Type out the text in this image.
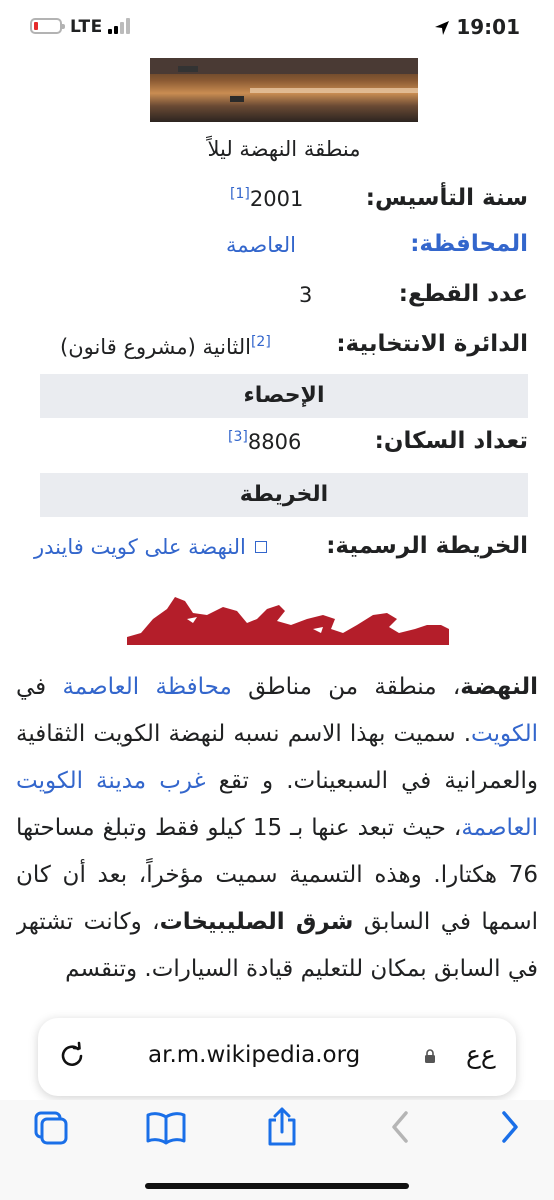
LTE	19:01
منطقة النهضة ليلاً
سنة التأسيس:
2001[1]
المحافظة:
العاصمة
عدد القطع:
3
الدائرة الانتخابية:
[2]الثانية (مشروع قانون)
الإحصاء
تعداد السكان:
8806[3]
الخريطة
الخريطة الرسمية:
النهضة على كويت فايندر
النهضة، منطقة من مناطق محافظة العاصمة في الكويت. سميت بهذا الاسم نسبه لنهضة الكويت الثقافية والعمرانية في السبعينات. و تقع غرب مدينة الكويت العاصمة، حيث تبعد عنها بـ 15 كيلو فقط وتبلغ مساحتها 76 هكتارا. وهذه التسمية سميت مؤخراً، بعد أن كان اسمها في السابق شرق الصليبيخات، وكانت تشتهر في السابق بمكان للتعليم قيادة السيارات. وتنقسم
ar.m.wikipedia.org	ﻉﻉ
